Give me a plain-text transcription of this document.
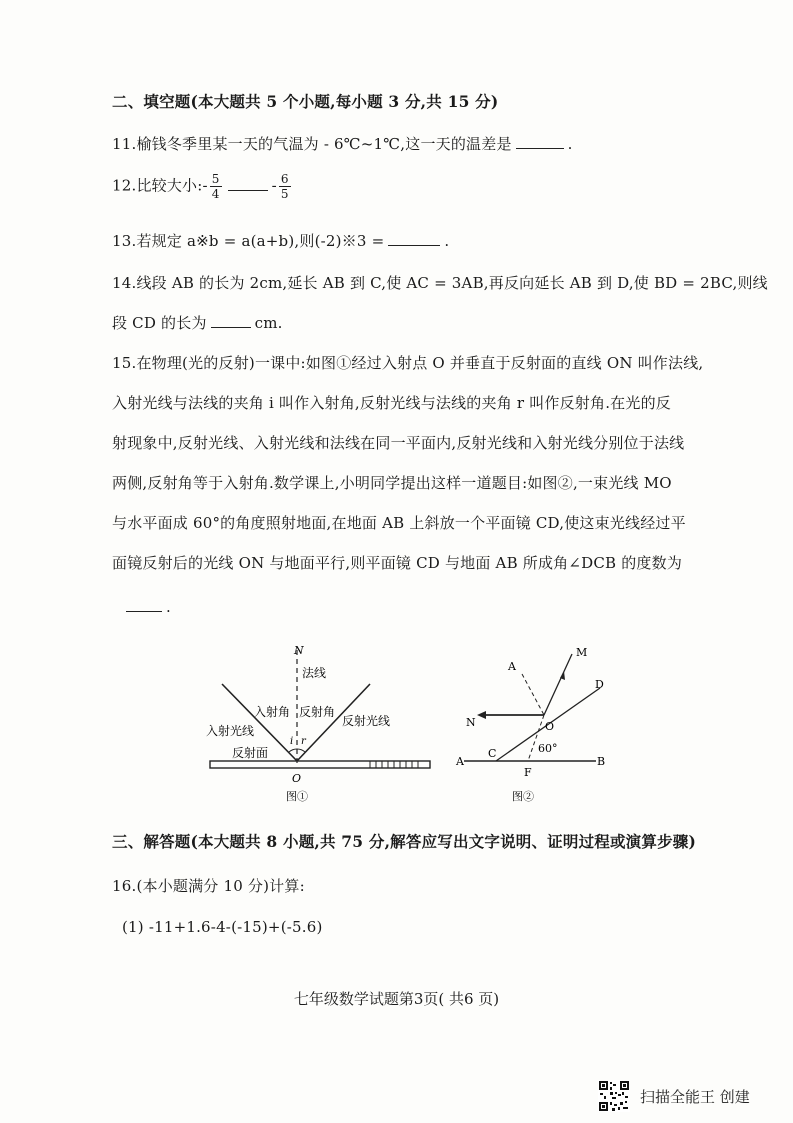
二、填空题(本大题共 5 个小题,每小题 3 分,共 15 分)
11.榆钱冬季里某一天的气温为 - 6℃~1℃,这一天的温差是	.
12.比较大小:- $\frac{5}{4}$	- $\frac{6}{5}$
13.若规定 a※b = a(a+b),则(-2)※3 =	.
14.线段 AB 的长为 2cm,延长 AB 到 C,使 AC = 3AB,再反向延长 AB 到 D,使 BD = 2BC,则线
段 CD 的长为	cm.
15.在物理(光的反射)一课中:如图①经过入射点 O 并垂直于反射面的直线 ON 叫作法线,
入射光线与法线的夹角 i 叫作入射角,反射光线与法线的夹角 r 叫作反射角.在光的反
射现象中,反射光线、入射光线和法线在同一平面内,反射光线和入射光线分别位于法线
两侧,反射角等于入射角.数学课上,小明同学提出这样一道题目:如图②,一束光线 MO
与水平面成 60°的角度照射地面,在地面 AB 上斜放一个平面镜 CD,使这束光线经过平
面镜反射后的光线 ON 与地面平行,则平面镜 CD 与地面 AB 所成角∠DCB 的度数为
.
N
法线
入射角 反射角
入射光线
反射光线
反射面
i r
O
图①
A
M
D
N	O
C	60°
A
F
B
图②
三、解答题(本大题共 8 小题,共 75 分,解答应写出文字说明、证明过程或演算步骤)
16.(本小题满分 10 分)计算:
(1) -11+1.6-4-(-15)+(-5.6)
七年级数学试题第3页( 共6 页)
扫描全能王 创建
